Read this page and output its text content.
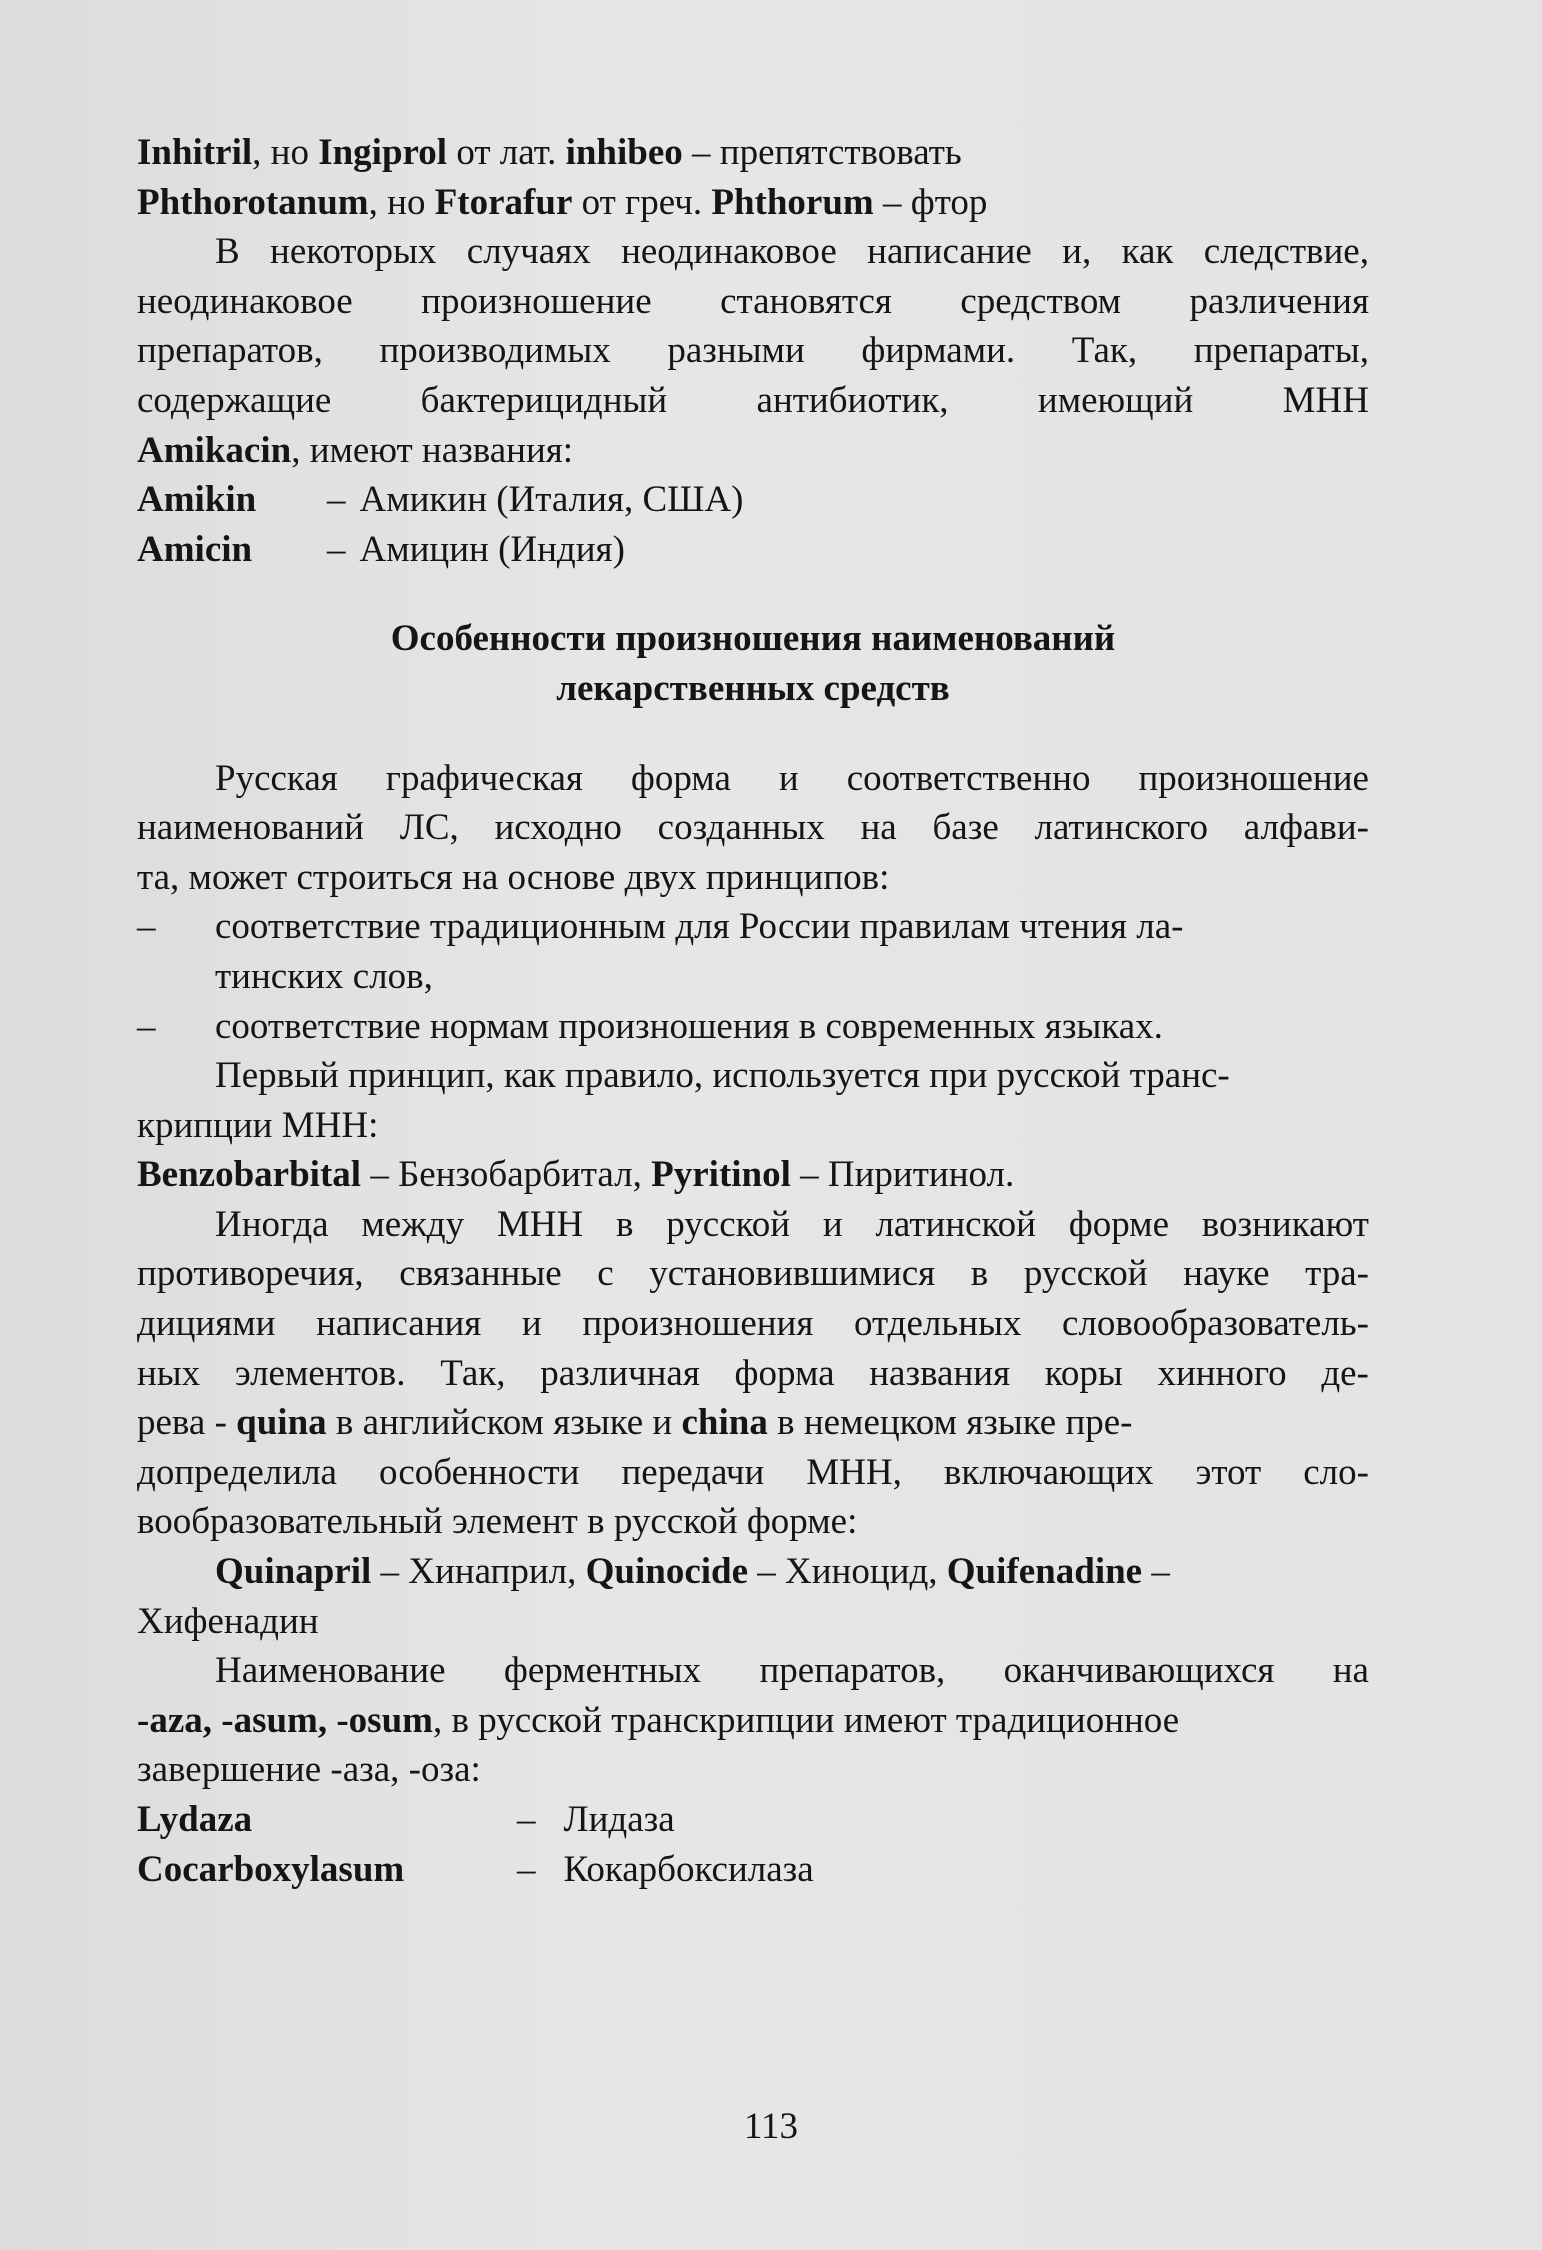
Inhitril, но Ingiprol от лат. inhibeo – препятствовать
Phthorotanum, но Ftorafur от греч. Phthorum – фтор
В некоторых случаях неодинаковое написание и, как следствие,
неодинаковое произношение становятся средством различения
препаратов, производимых разными фирмами. Так, препараты,
содержащие бактерицидный антибиотик, имеющий МНН
Amikacin, имеют названия:
Amikin – Амикин (Италия, США)
Amicin – Амицин (Индия)
Особенности произношения наименований
лекарственных средств
Русская графическая форма и соответственно произношение
наименований ЛС, исходно созданных на базе латинского алфави-
та, может строиться на основе двух принципов:
– соответствие традиционным для России правилам чтения ла-
тинских слов,
– соответствие нормам произношения в современных языках.
Первый принцип, как правило, используется при русской транс-
крипции МНН:
Benzobarbital – Бензобарбитал, Pyritinol – Пиритинол.
Иногда между МНН в русской и латинской форме возникают
противоречия, связанные с установившимися в русской науке тра-
дициями написания и произношения отдельных словообразователь-
ных элементов. Так, различная форма названия коры хинного де-
рева - quina в английском языке и china в немецком языке пре-
допределила особенности передачи МНН, включающих этот сло-
вообразовательный элемент в русской форме:
Quinapril – Хинаприл, Quinocide – Хиноцид, Quifenadine –
Хифенадин
Наименование ферментных препаратов, оканчивающихся на
-aza, -asum, -osum, в русской транскрипции имеют традиционное
завершение -аза, -оза:
Lydaza	– Лидаза
Cocarboxylasum	– Кокарбоксилаза
113
